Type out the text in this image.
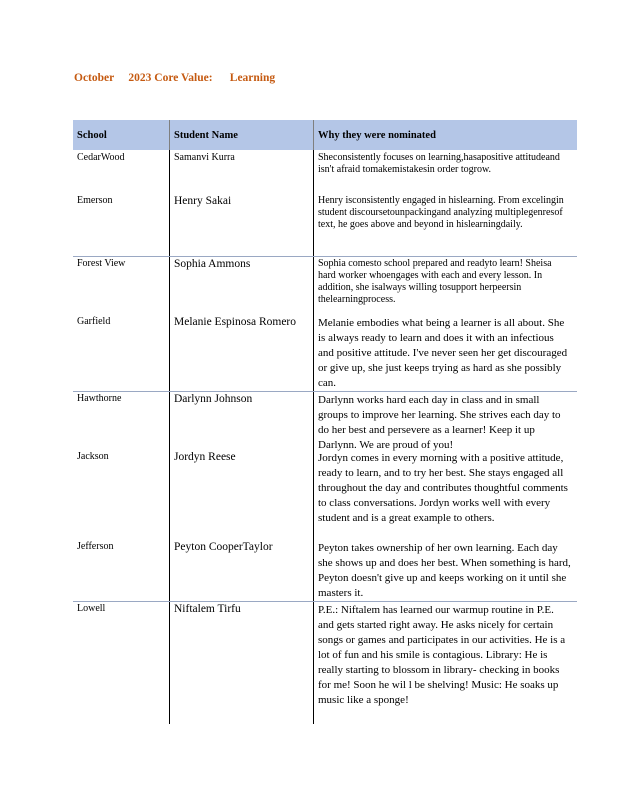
October     2023 Core Value:      Learning
School	Student Name	Why they were nominated
CedarWood	Samanvi Kurra	Sheconsistently focuses on learning,hasapositive attitudeand isn't afraid tomakemistakesin order togrow.
Emerson	Henry Sakai	Henry isconsistently engaged in hislearning. From excelingin student discoursetounpackingand analyzing multiplegenresof text, he goes above and beyond in hislearningdaily.
Forest View	Sophia Ammons	Sophia comesto school prepared and readyto learn! Sheisa hard worker whoengages with each and every lesson. In addition, she isalways willing tosupport herpeersin thelearningprocess.
Garfield	Melanie Espinosa Romero	Melanie embodies what being a learner is all about. She is always ready to learn and does it with an infectious and positive attitude. I've never seen her get discouraged or give up, she just keeps trying as hard as she possibly can.
Hawthorne	Darlynn Johnson	Darlynn works hard each day in class and in small groups to improve her learning. She strives each day to do her best and persevere as a learner! Keep it up Darlynn. We are proud of you!
Jackson	Jordyn Reese	Jordyn comes in every morning with a positive attitude, ready to learn, and to try her best. She stays engaged all throughout the day and contributes thoughtful comments to class conversations. Jordyn works well with every student and is a great example to others.
Jefferson	Peyton CooperTaylor	Peyton takes ownership of her own learning. Each day she shows up and does her best. When something is hard, Peyton doesn't give up and keeps working on it until she masters it.
Lowell	Niftalem Tirfu	P.E.: Niftalem has learned our warmup routine in P.E. and gets started right away. He asks nicely for certain songs or games and participates in our activities. He is a lot of fun and his smile is contagious. Library: He is really starting to blossom in library- checking in books for me! Soon he wil l be shelving! Music: He soaks up music like a sponge!
